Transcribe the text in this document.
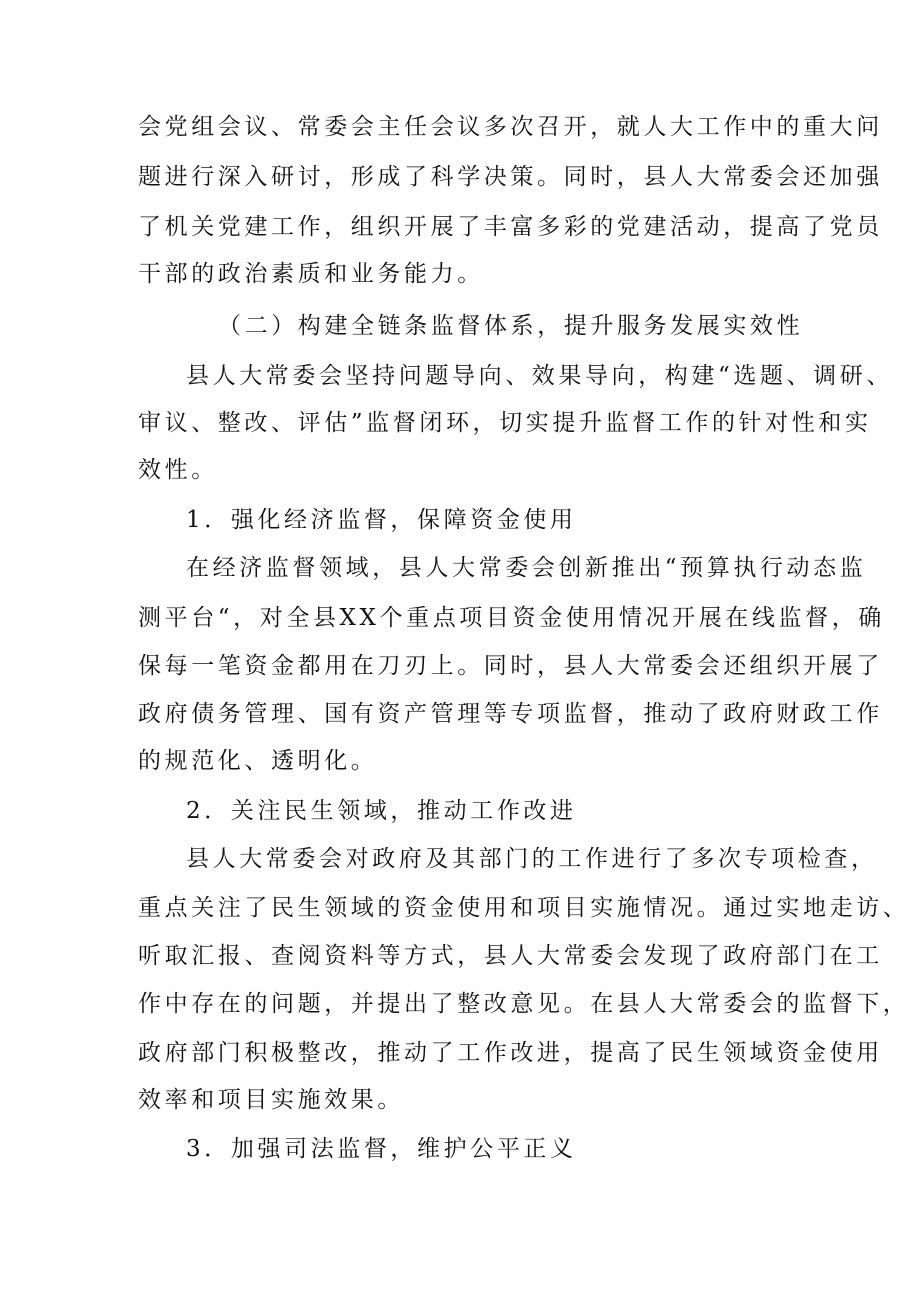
会党组会议、常委会主任会议多次召开，就人大工作中的重大问
题进行深入研讨，形成了科学决策。同时，县人大常委会还加强
了机关党建工作，组织开展了丰富多彩的党建活动，提高了党员
干部的政治素质和业务能力。
（二）构建全链条监督体系，提升服务发展实效性
县人大常委会坚持问题导向、效果导向，构建“选题、调研、
审议、整改、评估”监督闭环，切实提升监督工作的针对性和实
效性。
1．强化经济监督，保障资金使用
在经济监督领域，县人大常委会创新推出“预算执行动态监
测平台“，对全县XX个重点项目资金使用情况开展在线监督，确
保每一笔资金都用在刀刃上。同时，县人大常委会还组织开展了
政府债务管理、国有资产管理等专项监督，推动了政府财政工作
的规范化、透明化。
2．关注民生领域，推动工作改进
县人大常委会对政府及其部门的工作进行了多次专项检查，
重点关注了民生领域的资金使用和项目实施情况。通过实地走访、
听取汇报、查阅资料等方式，县人大常委会发现了政府部门在工
作中存在的问题，并提出了整改意见。在县人大常委会的监督下，
政府部门积极整改，推动了工作改进，提高了民生领域资金使用
效率和项目实施效果。
3．加强司法监督，维护公平正义
